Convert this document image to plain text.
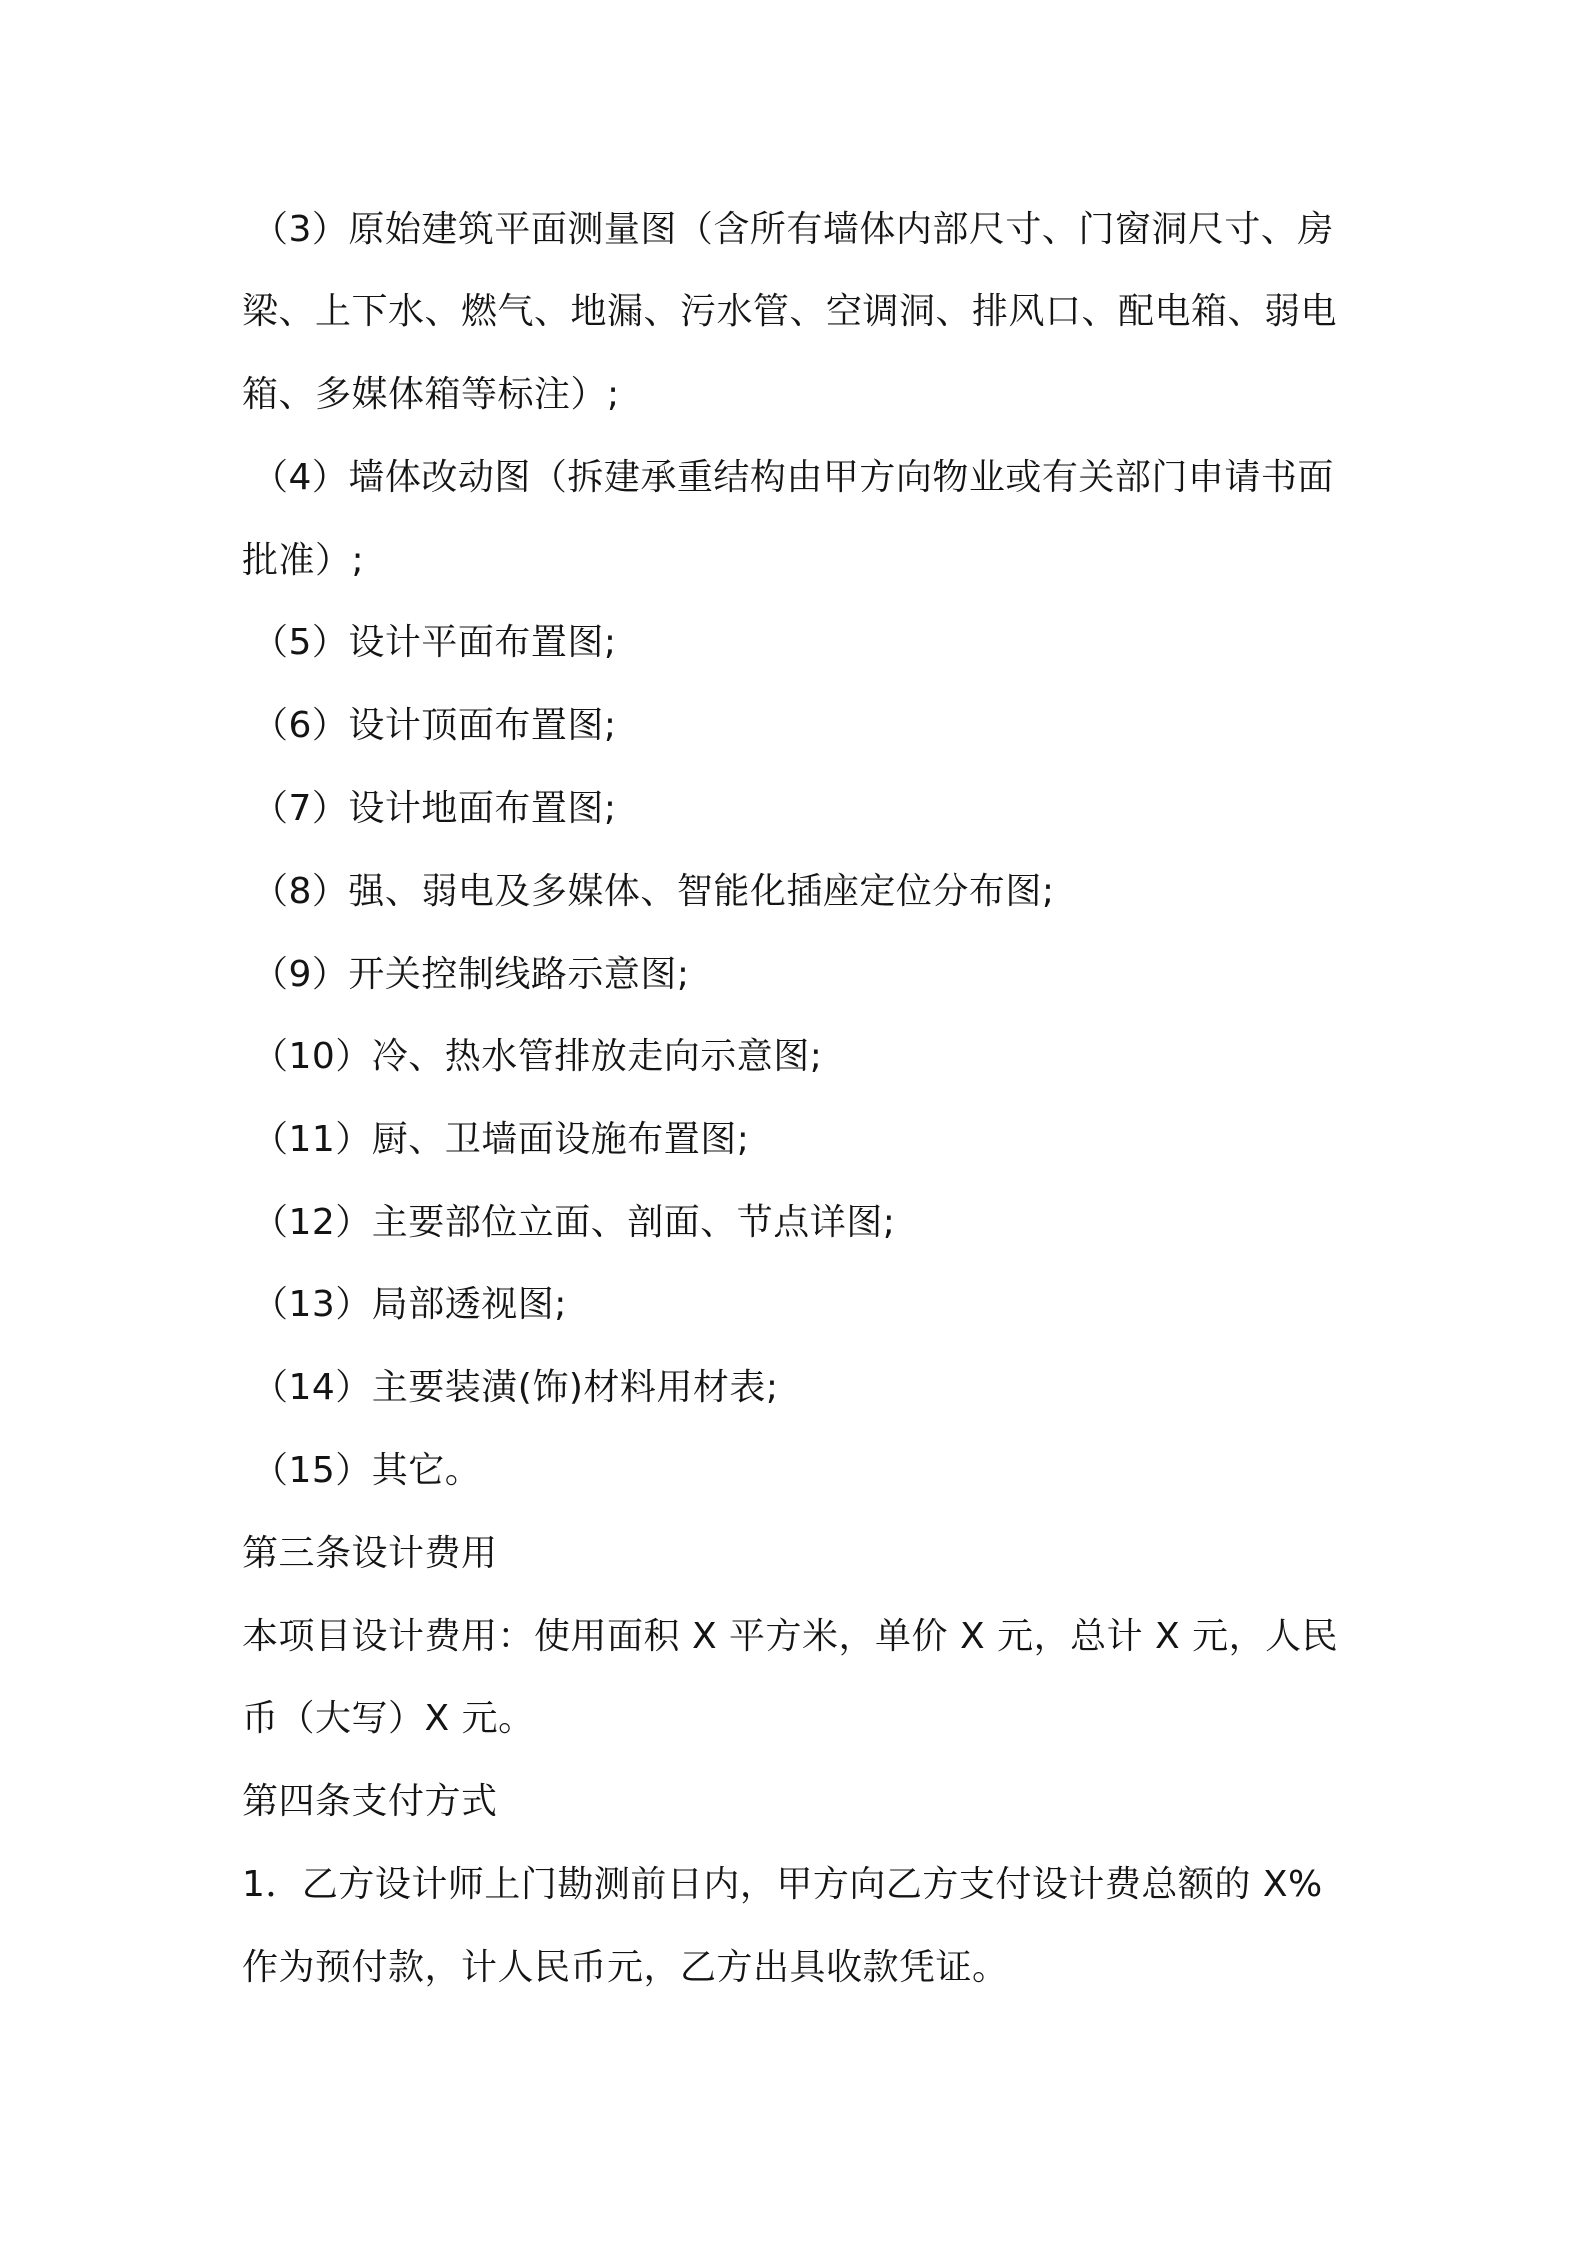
（3）原始建筑平面测量图（含所有墙体内部尺寸、门窗洞尺寸、房
梁、上下水、燃气、地漏、污水管、空调洞、排风口、配电箱、弱电
箱、多媒体箱等标注）;
（4）墙体改动图（拆建承重结构由甲方向物业或有关部门申请书面
批准）;
（5）设计平面布置图;
（6）设计顶面布置图;
（7）设计地面布置图;
（8）强、弱电及多媒体、智能化插座定位分布图;
（9）开关控制线路示意图;
（10）冷、热水管排放走向示意图;
（11）厨、卫墙面设施布置图;
（12）主要部位立面、剖面、节点详图;
（13）局部透视图;
（14）主要装潢(饰)材料用材表;
（15）其它。
第三条设计费用
本项目设计费用：使用面积 X 平方米，单价 X 元，总计 X 元，人民
币（大写）X 元。
第四条支付方式
1．乙方设计师上门勘测前日内，甲方向乙方支付设计费总额的 X%
作为预付款，计人民币元，乙方出具收款凭证。
